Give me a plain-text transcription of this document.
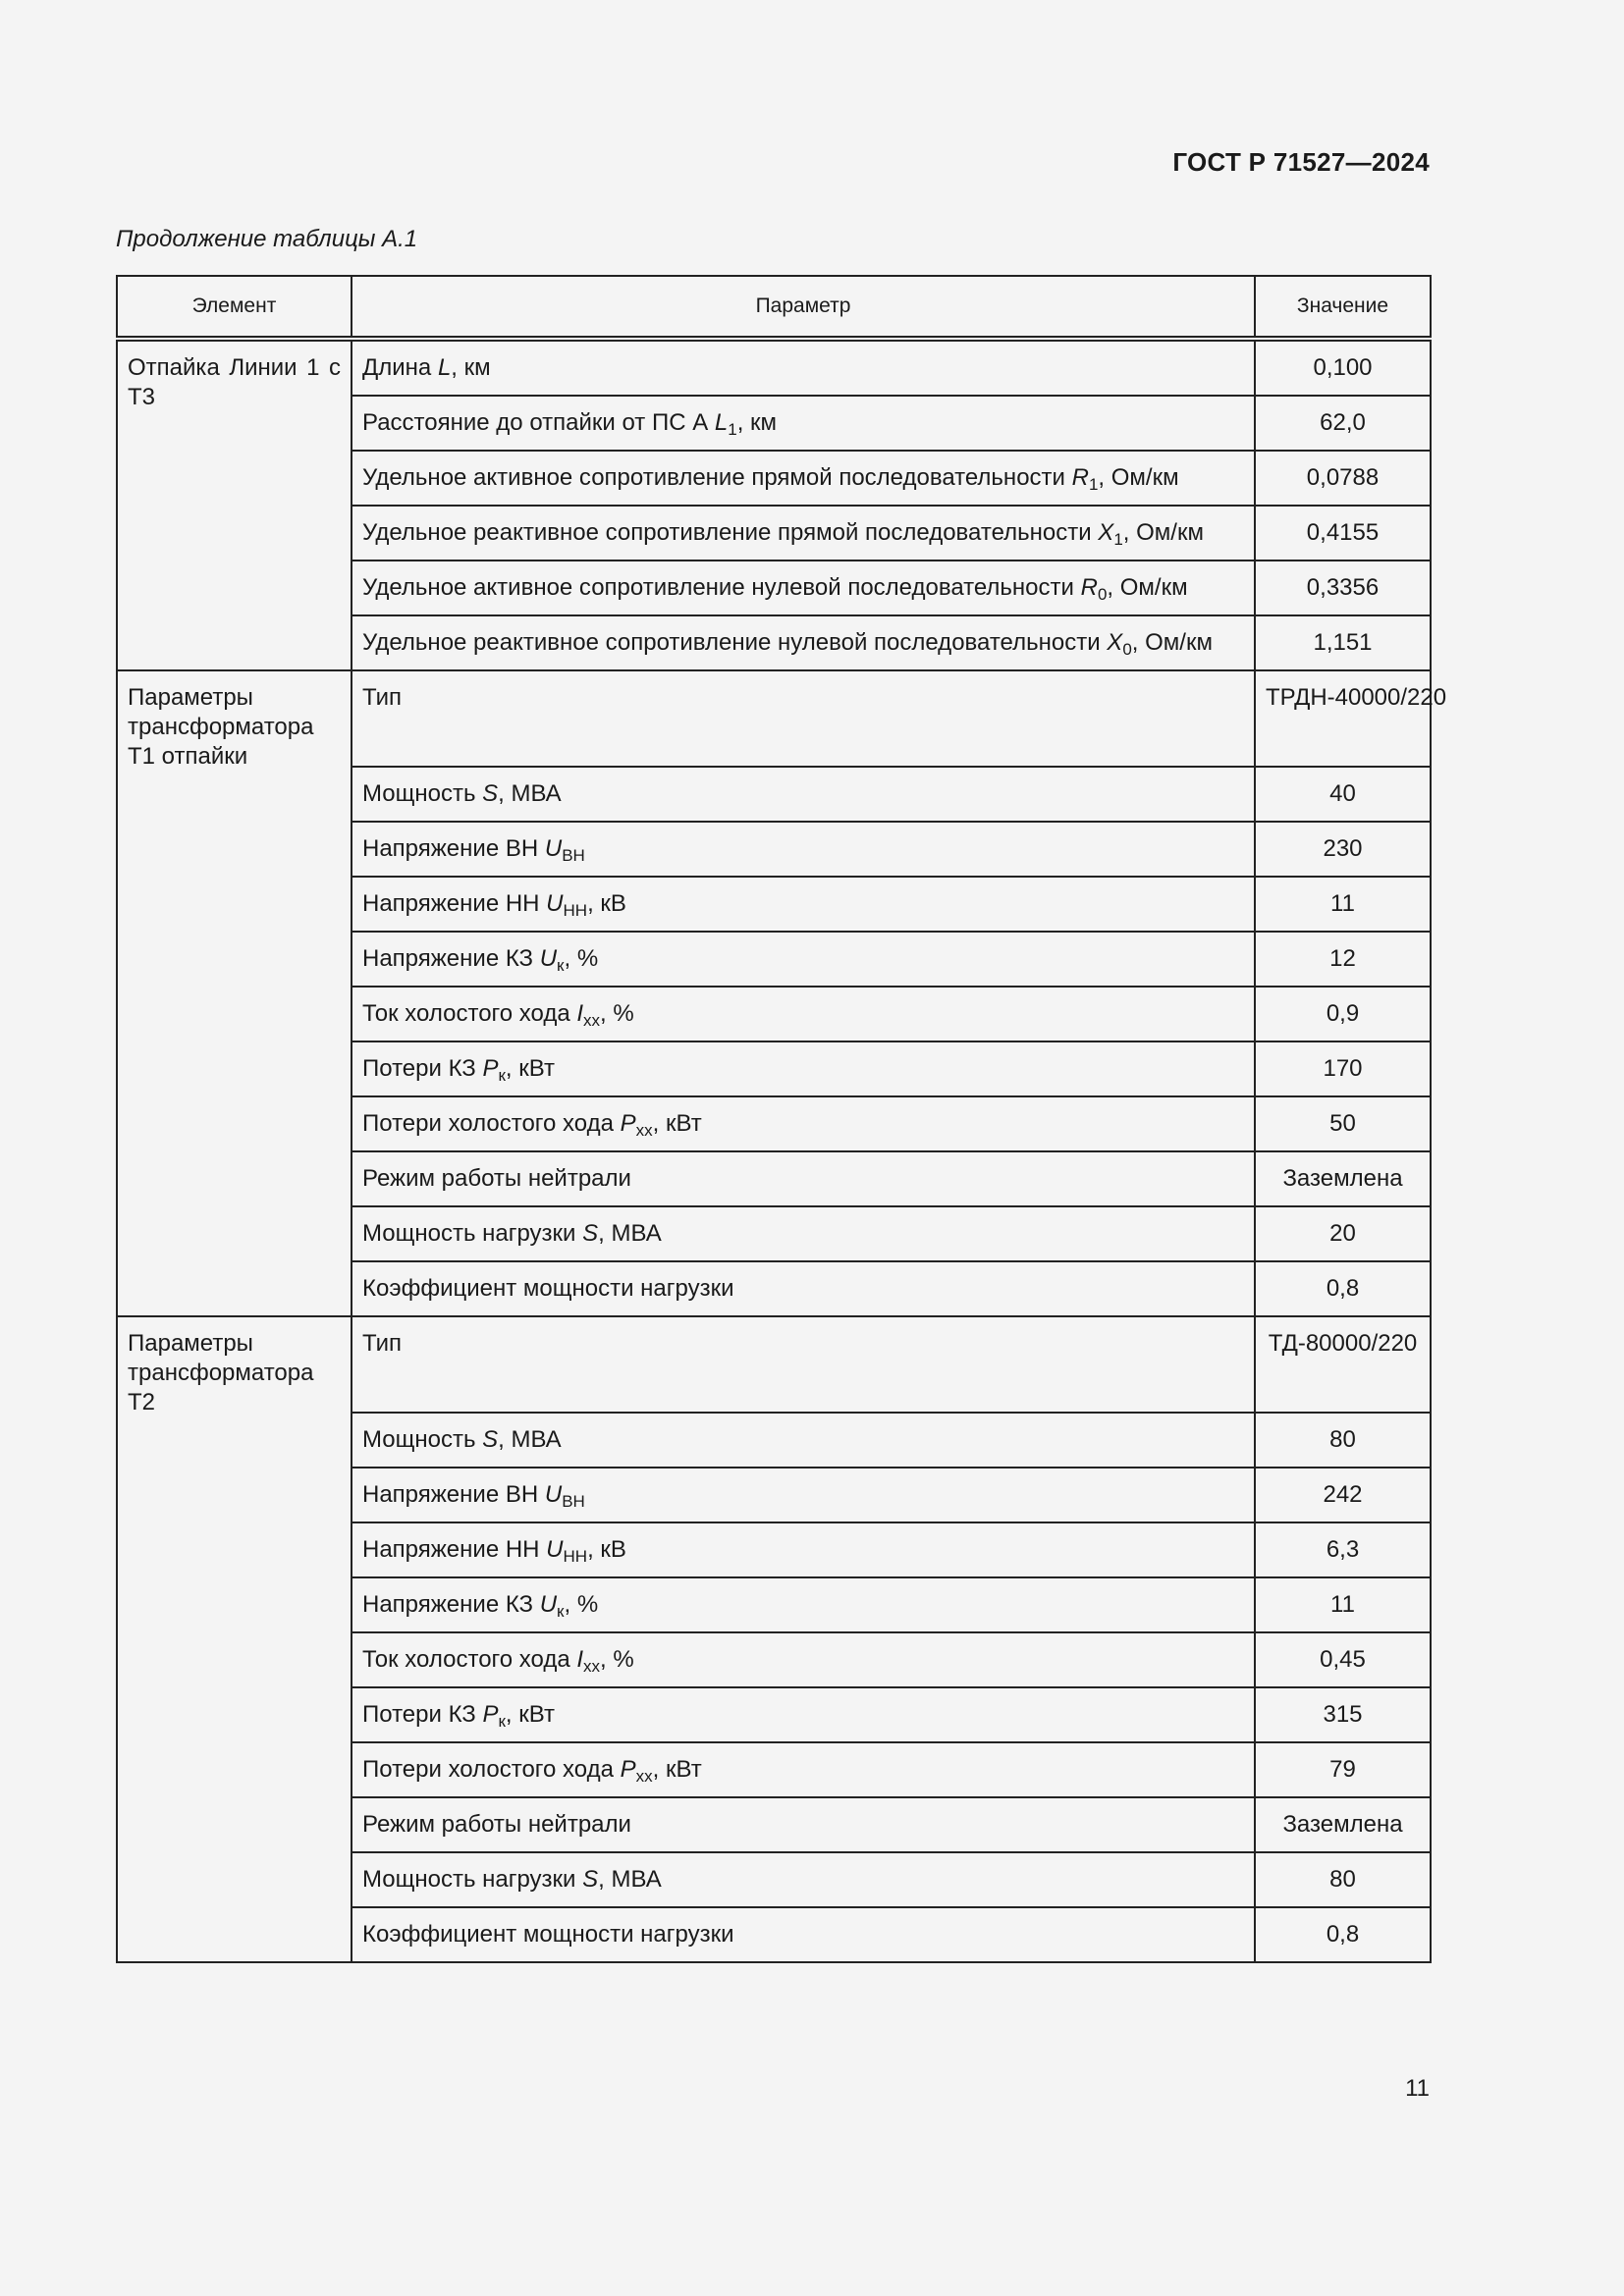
ГОСТ Р 71527—2024
Продолжение таблицы А.1
Элемент	Параметр	Значение
Отпайка Линии 1 с Т3	Длина L, км	0,100
	Расстояние до отпайки от ПС А $L_1$, км	62,0
	Удельное активное сопротивление прямой последовательности $R_1$, Ом/км	0,0788
	Удельное реактивное сопротивление прямой последовательности $X_1$, Ом/км	0,4155
	Удельное активное сопротивление нулевой последовательности $R_0$, Ом/км	0,3356
	Удельное реактивное сопротивление нулевой последовательности $X_0$, Ом/км	1,151
Параметры трансформатора Т1 отпайки	Тип	ТРДН-40000/220
	Мощность S, МВА	40
	Напряжение ВН $U_{ВН}$	230
	Напряжение НН $U_{НН}$, кВ	11
	Напряжение КЗ $U_к$, %	12
	Ток холостого хода $I_{хх}$, %	0,9
	Потери КЗ $P_к$, кВт	170
	Потери холостого хода $P_{хх}$, кВт	50
	Режим работы нейтрали	Заземлена
	Мощность нагрузки S, МВА	20
	Коэффициент мощности нагрузки	0,8
Параметры трансформатора Т2	Тип	ТД-80000/220
	Мощность S, МВА	80
	Напряжение ВН $U_{ВН}$	242
	Напряжение НН $U_{НН}$, кВ	6,3
	Напряжение КЗ $U_к$, %	11
	Ток холостого хода $I_{хх}$, %	0,45
	Потери КЗ $P_к$, кВт	315
	Потери холостого хода $P_{хх}$, кВт	79
	Режим работы нейтрали	Заземлена
	Мощность нагрузки S, МВА	80
	Коэффициент мощности нагрузки	0,8
11
